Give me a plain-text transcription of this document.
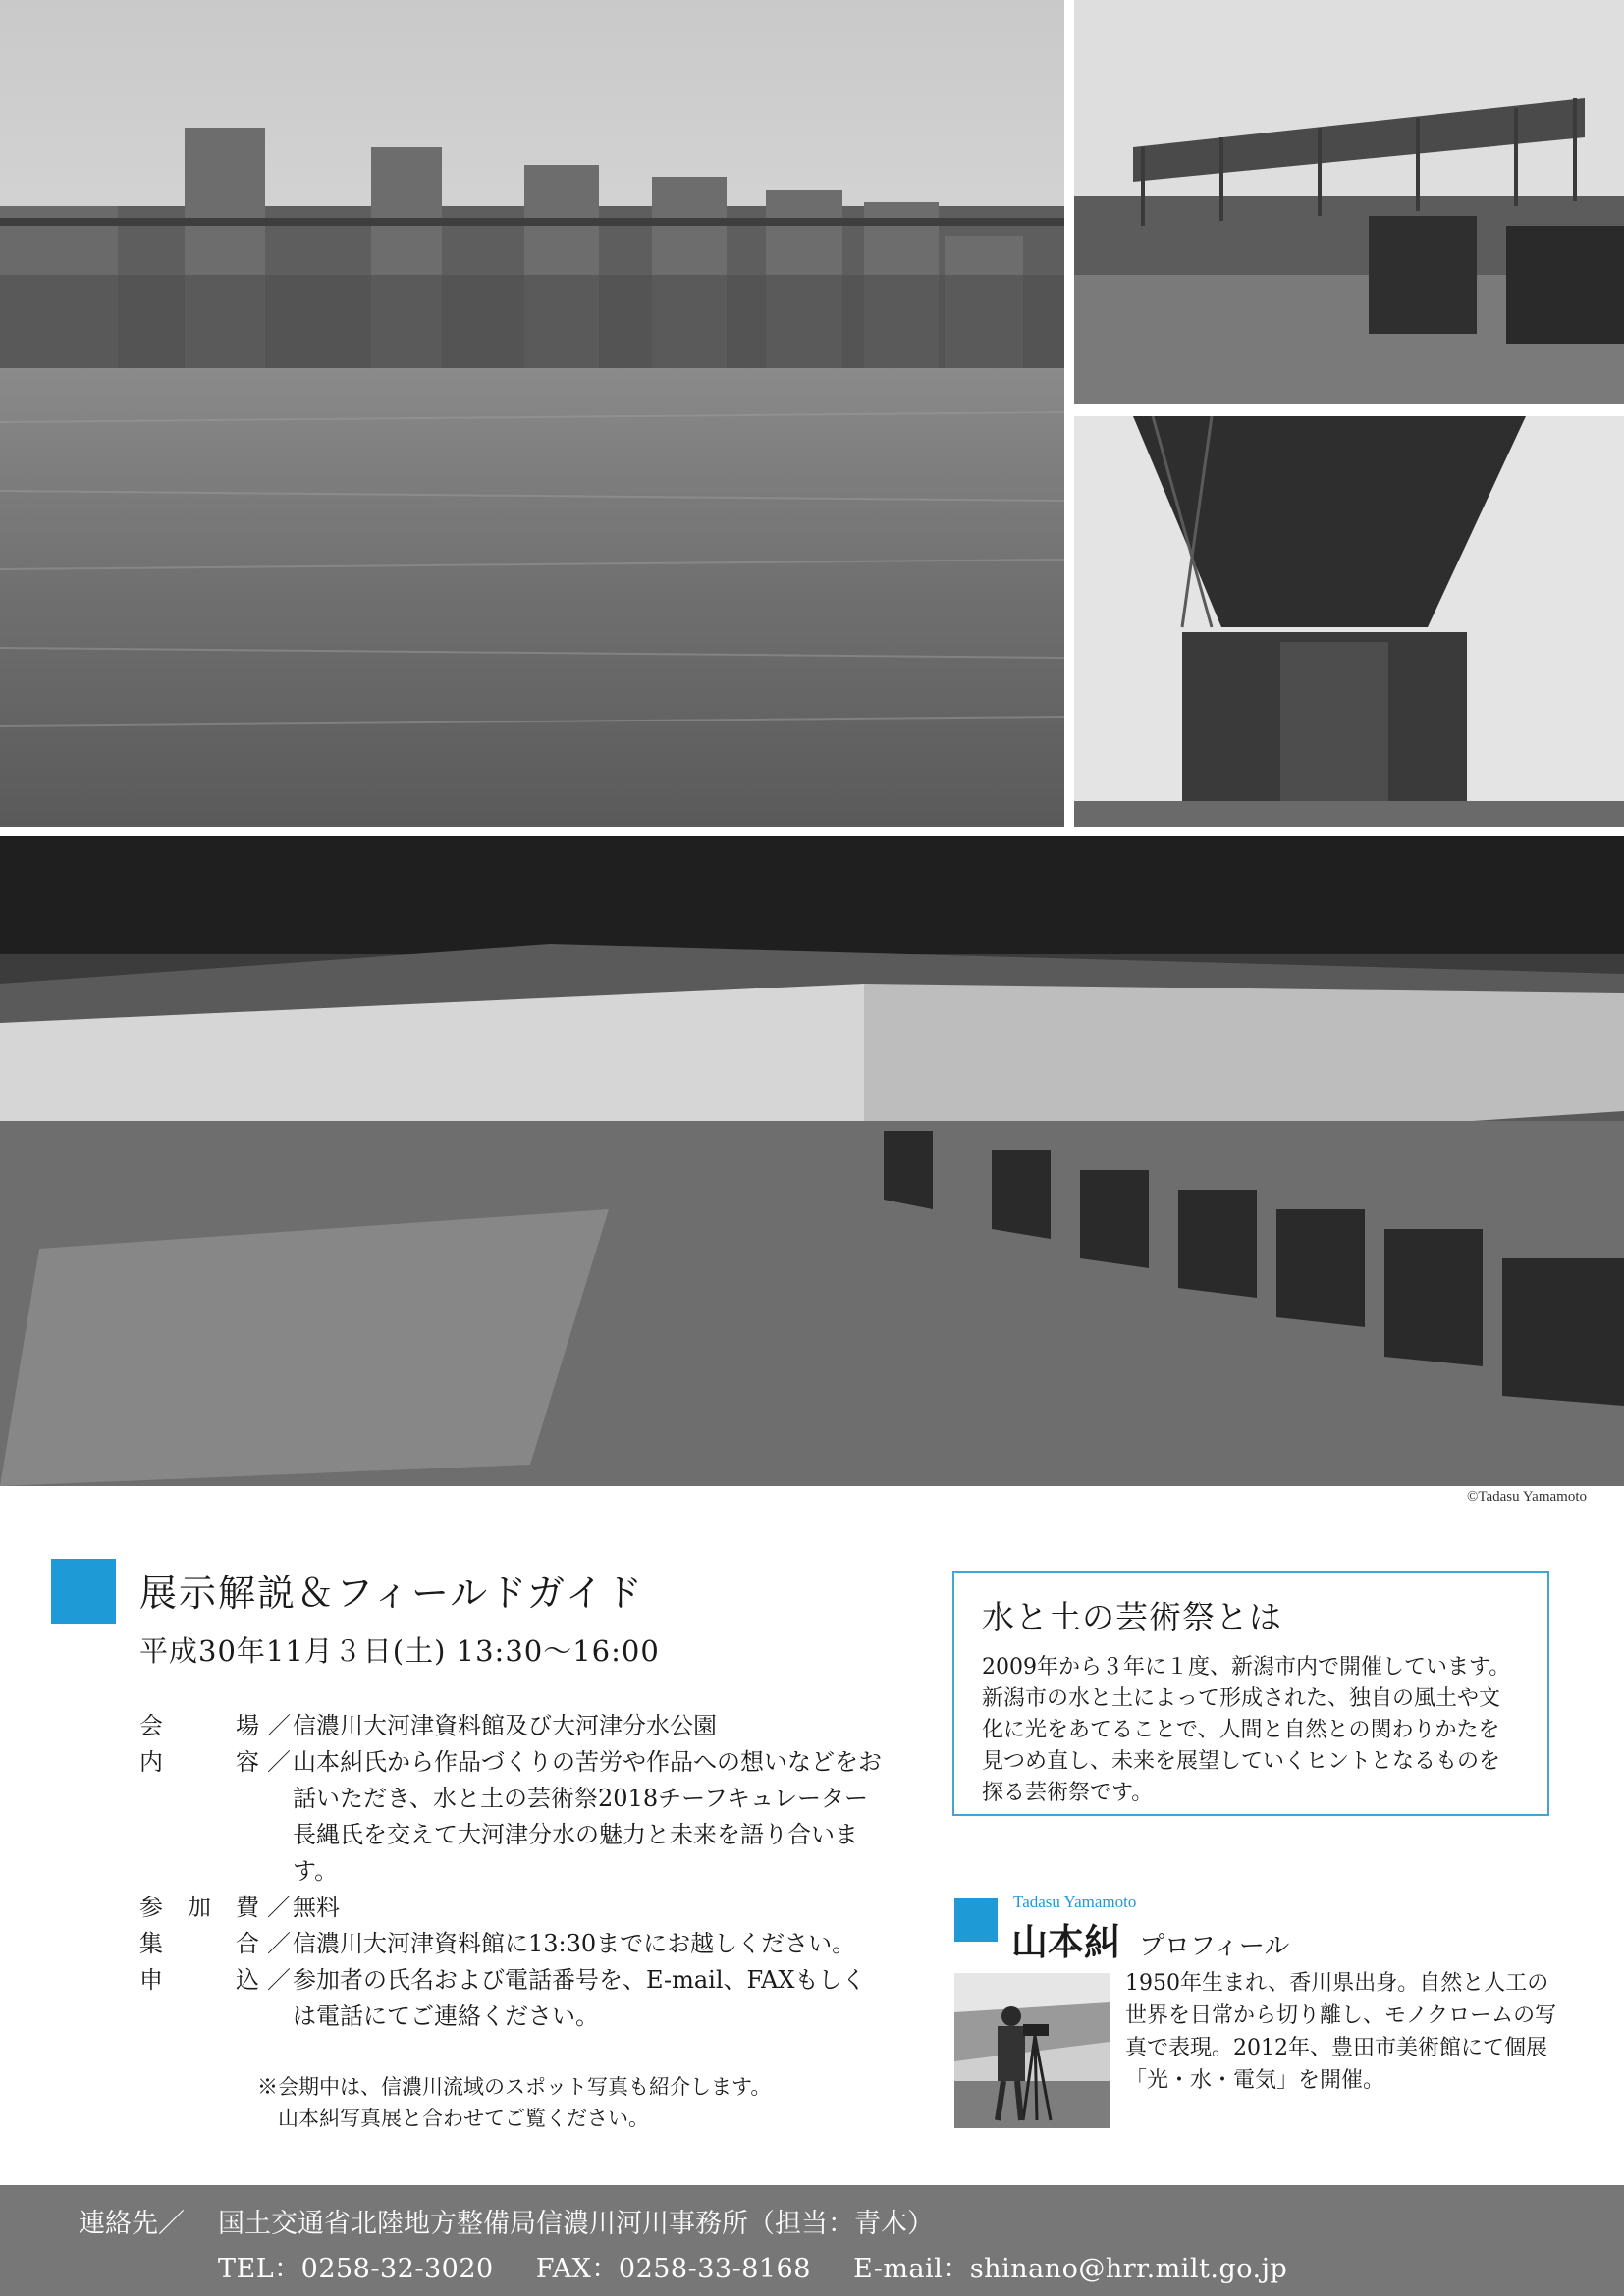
©Tadasu Yamamoto
展示解説＆フィールドガイド
平成30年11月３日(土) 13:30〜16:00
会　場 ／ 信濃川大河津資料館及び大河津分水公園
内　容 ／ 山本糾氏から作品づくりの苦労や作品への想いなどをお話いただき、水と土の芸術祭2018チーフキュレーター長縄氏を交えて大河津分水の魅力と未来を語り合います。
参加費 ／ 無料
集　合 ／ 信濃川大河津資料館に13:30までにお越しください。
申　込 ／ 参加者の氏名および電話番号を、E-mail、FAXもしくは電話にてご連絡ください。
※会期中は、信濃川流域のスポット写真も紹介します。
山本糾写真展と合わせてご覧ください。
水と土の芸術祭とは
2009年から３年に１度、新潟市内で開催しています。新潟市の水と土によって形成された、独自の風土や文化に光をあてることで、人間と自然との関わりかたを見つめ直し、未来を展望していくヒントとなるものを探る芸術祭です。
Tadasu Yamamoto
山本糾 プロフィール
1950年生まれ、香川県出身。自然と人工の世界を日常から切り離し、モノクロームの写真で表現。2012年、豊田市美術館にて個展「光・水・電気」を開催。
連絡先／ 国土交通省北陸地方整備局信濃川河川事務所（担当：青木）
TEL：0258-32-3020 FAX：0258-33-8168 E-mail：shinano@hrr.milt.go.jp
